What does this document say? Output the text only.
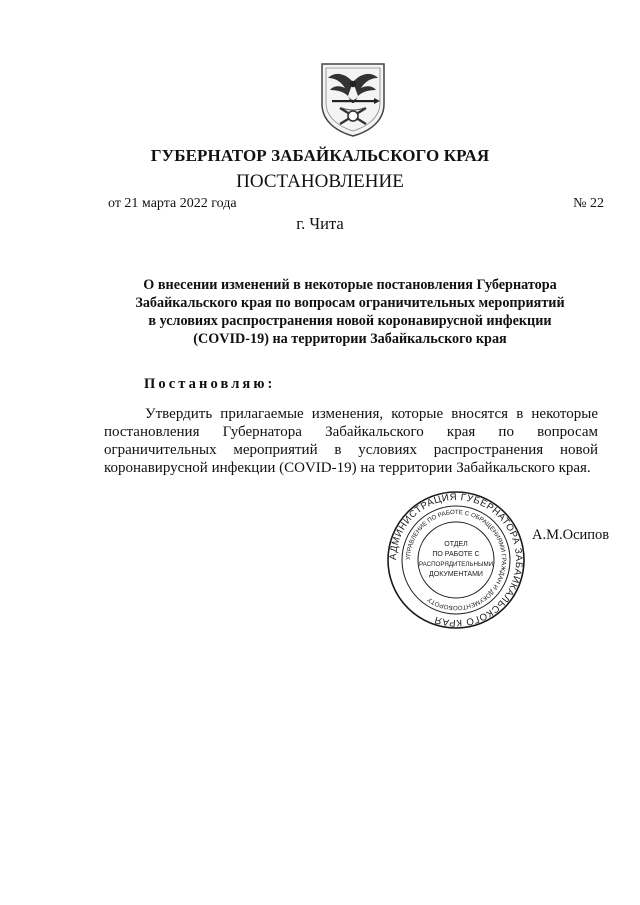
ГУБЕРНАТОР ЗАБАЙКАЛЬСКОГО КРАЯ
ПОСТАНОВЛЕНИЕ
от 21 марта 2022 года	№ 22
г. Чита
О внесении изменений в некоторые постановления Губернатора
Забайкальского края по вопросам ограничительных мероприятий
в условиях распространения новой коронавирусной инфекции
(COVID-19) на территории Забайкальского края
Постановляю:

Утвердить прилагаемые изменения, которые вносятся в некоторые постановления Губернатора Забайкальского края по вопросам ограничительных мероприятий в условиях распространения новой коронавирусной инфекции (COVID-19) на территории Забайкальского края.

АДМИНИСТРАЦИЯ ГУБЕРНАТОРА ЗАБАЙКАЛЬСКОГО КРАЯ
УПРАВЛЕНИЕ ПО РАБОТЕ С ОБРАЩЕНИЯМИ ГРАЖДАН И ДОКУМЕНТООБОРОТУ
ОТДЕЛ
ПО РАБОТЕ С
РАСПОРЯДИТЕЛЬНЫМИ
ДОКУМЕНТАМИ
А.М.Осипов
